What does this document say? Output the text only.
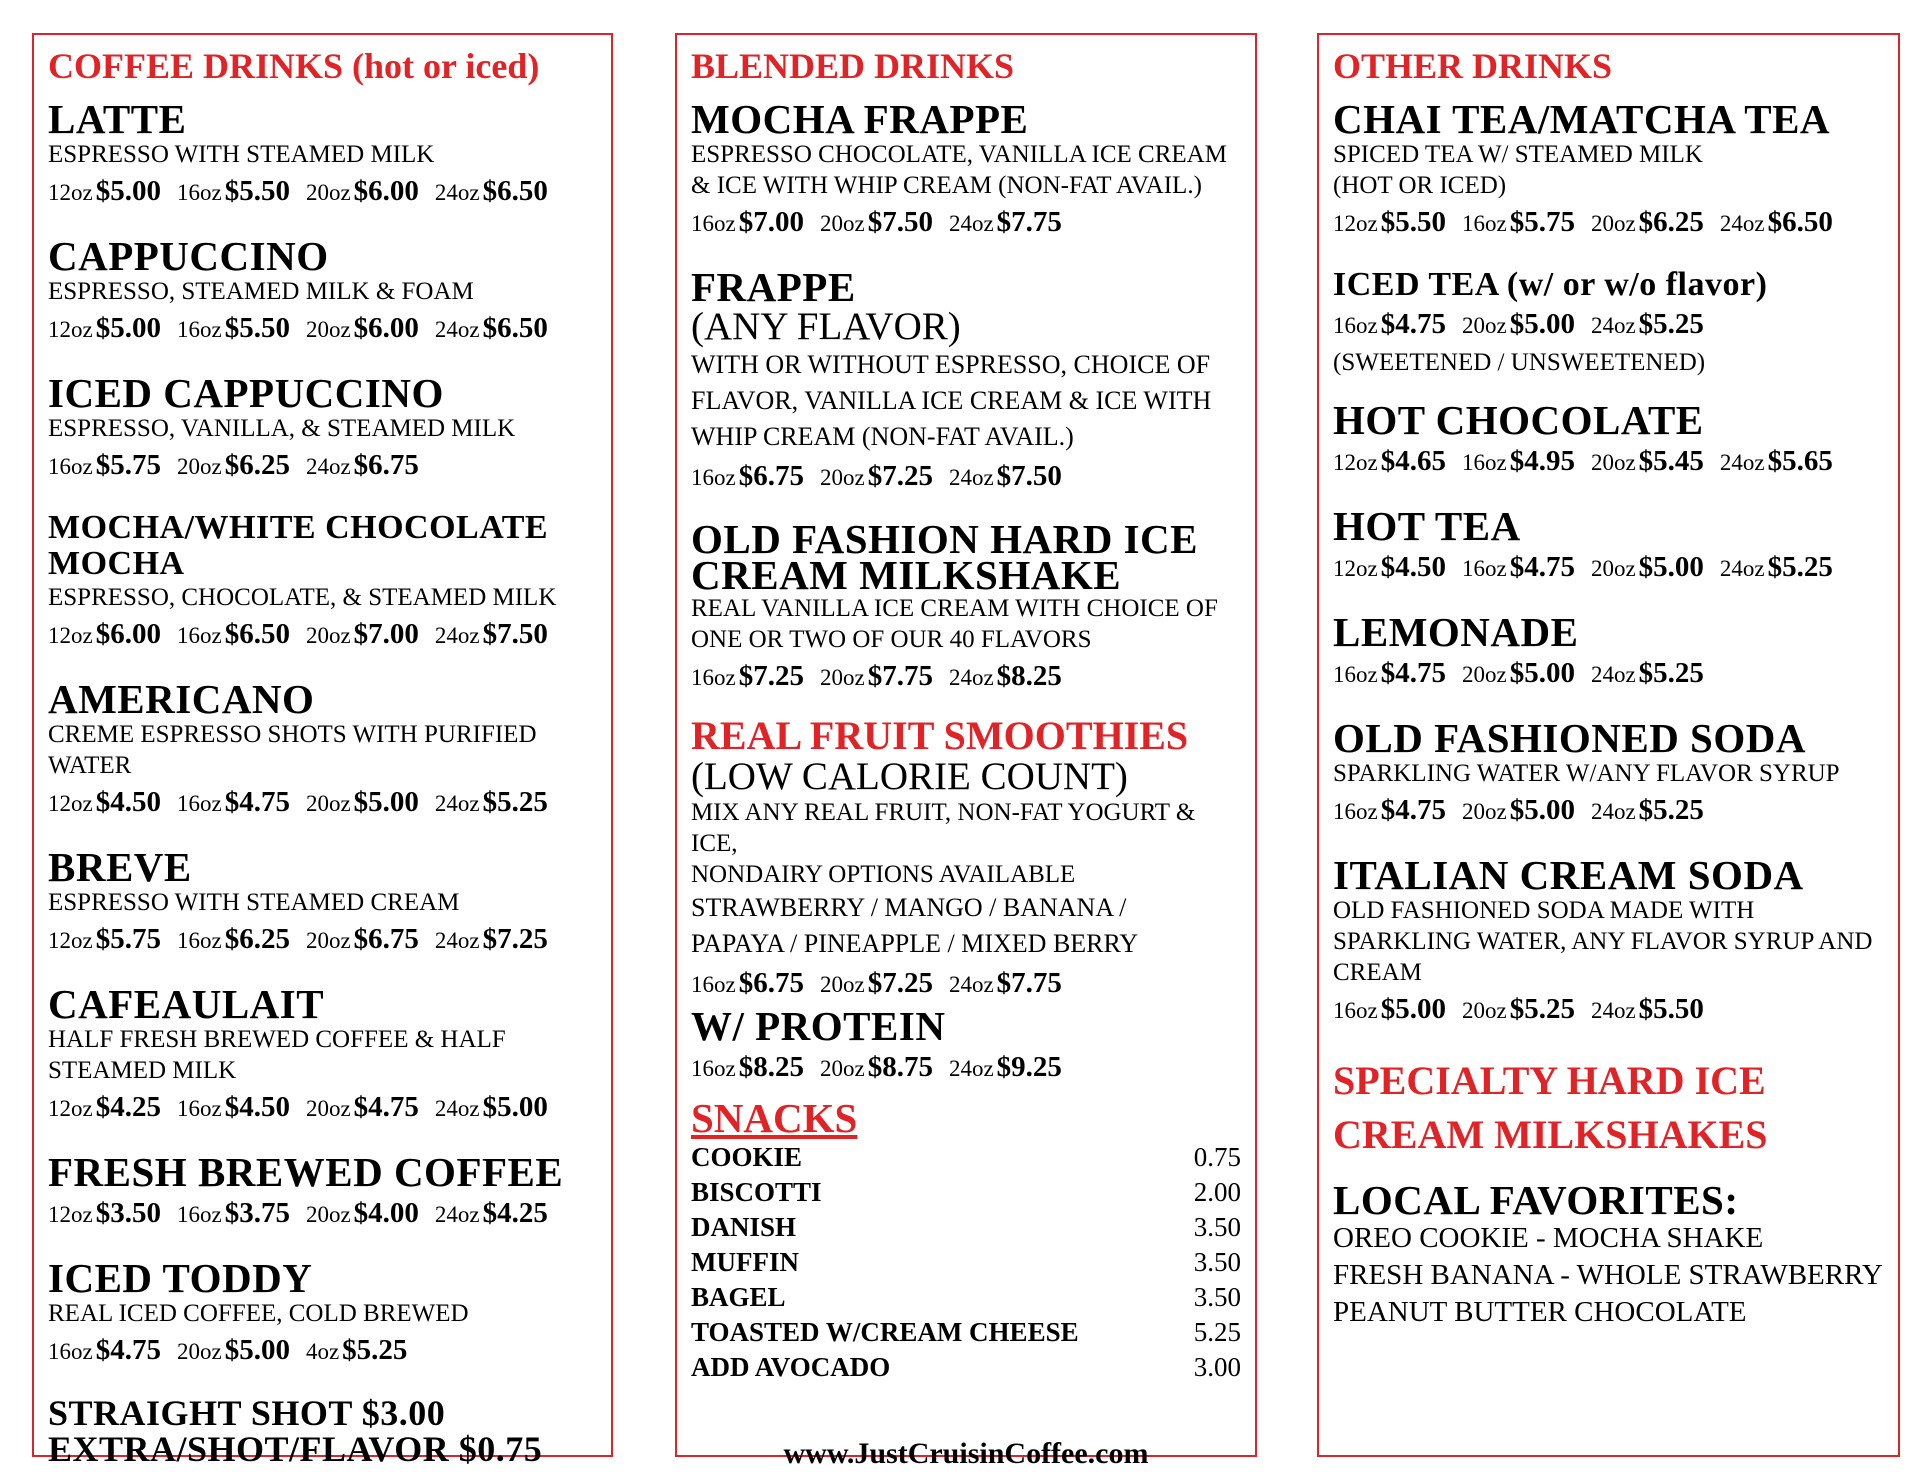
COFFEE DRINKS (hot or iced)
LATTE
ESPRESSO WITH STEAMED MILK
12oz $5.00 16oz $5.50 20oz $6.00 24oz $6.50
CAPPUCCINO
ESPRESSO, STEAMED MILK & FOAM
12oz $5.00 16oz $5.50 20oz $6.00 24oz $6.50
ICED CAPPUCCINO
ESPRESSO, VANILLA, & STEAMED MILK
16oz $5.75 20oz $6.25 24oz $6.75
MOCHA/WHITE CHOCOLATE MOCHA
ESPRESSO, CHOCOLATE, & STEAMED MILK
12oz $6.00 16oz $6.50 20oz $7.00 24oz $7.50
AMERICANO
CREME ESPRESSO SHOTS WITH PURIFIED
WATER
12oz $4.50 16oz $4.75 20oz $5.00 24oz $5.25
BREVE
ESPRESSO WITH STEAMED CREAM
12oz $5.75 16oz $6.25 20oz $6.75 24oz $7.25
CAFEAULAIT
HALF FRESH BREWED COFFEE & HALF
STEAMED MILK
12oz $4.25 16oz $4.50 20oz $4.75 24oz $5.00
FRESH BREWED COFFEE
12oz $3.50 16oz $3.75 20oz $4.00 24oz $4.25
ICED TODDY
REAL ICED COFFEE, COLD BREWED
16oz $4.75 20oz $5.00 4oz $5.25
STRAIGHT SHOT $3.00
EXTRA/SHOT/FLAVOR $0.75
BLENDED DRINKS
MOCHA FRAPPE
ESPRESSO CHOCOLATE, VANILLA ICE CREAM
& ICE WITH WHIP CREAM (NON-FAT AVAIL.)
16oz $7.00 20oz $7.50 24oz $7.75
FRAPPE
(ANY FLAVOR)
WITH OR WITHOUT ESPRESSO, CHOICE OF
FLAVOR, VANILLA ICE CREAM & ICE WITH
WHIP CREAM (NON-FAT AVAIL.)
16oz $6.75 20oz $7.25 24oz $7.50
OLD FASHION HARD ICE
CREAM MILKSHAKE
REAL VANILLA ICE CREAM WITH CHOICE OF
ONE OR TWO OF OUR 40 FLAVORS
16oz $7.25 20oz $7.75 24oz $8.25
REAL FRUIT SMOOTHIES
(LOW CALORIE COUNT)
MIX ANY REAL FRUIT, NON-FAT YOGURT & ICE,
NONDAIRY OPTIONS AVAILABLE
STRAWBERRY / MANGO / BANANA /
PAPAYA / PINEAPPLE / MIXED BERRY
16oz $6.75 20oz $7.25 24oz $7.75
W/ PROTEIN
16oz $8.25 20oz $8.75 24oz $9.25
SNACKS
COOKIE	0.75
BISCOTTI	2.00
DANISH	3.50
MUFFIN	3.50
BAGEL	3.50
TOASTED W/CREAM CHEESE	5.25
ADD AVOCADO	3.00
www.JustCruisinCoffee.com
OTHER DRINKS
CHAI TEA/MATCHA TEA
SPICED TEA W/ STEAMED MILK
(HOT OR ICED)
12oz $5.50 16oz $5.75 20oz $6.25 24oz $6.50
ICED TEA (w/ or w/o flavor)
16oz $4.75 20oz $5.00 24oz $5.25
(SWEETENED / UNSWEETENED)
HOT CHOCOLATE
12oz $4.65 16oz $4.95 20oz $5.45 24oz $5.65
HOT TEA
12oz $4.50 16oz $4.75 20oz $5.00 24oz $5.25
LEMONADE
16oz $4.75 20oz $5.00 24oz $5.25
OLD FASHIONED SODA
SPARKLING WATER W/ANY FLAVOR SYRUP
16oz $4.75 20oz $5.00 24oz $5.25
ITALIAN CREAM SODA
OLD FASHIONED SODA MADE WITH
SPARKLING WATER, ANY FLAVOR SYRUP AND
CREAM
16oz $5.00 20oz $5.25 24oz $5.50
SPECIALTY HARD ICE
CREAM MILKSHAKES
LOCAL FAVORITES:
OREO COOKIE - MOCHA SHAKE
FRESH BANANA - WHOLE STRAWBERRY
PEANUT BUTTER CHOCOLATE
